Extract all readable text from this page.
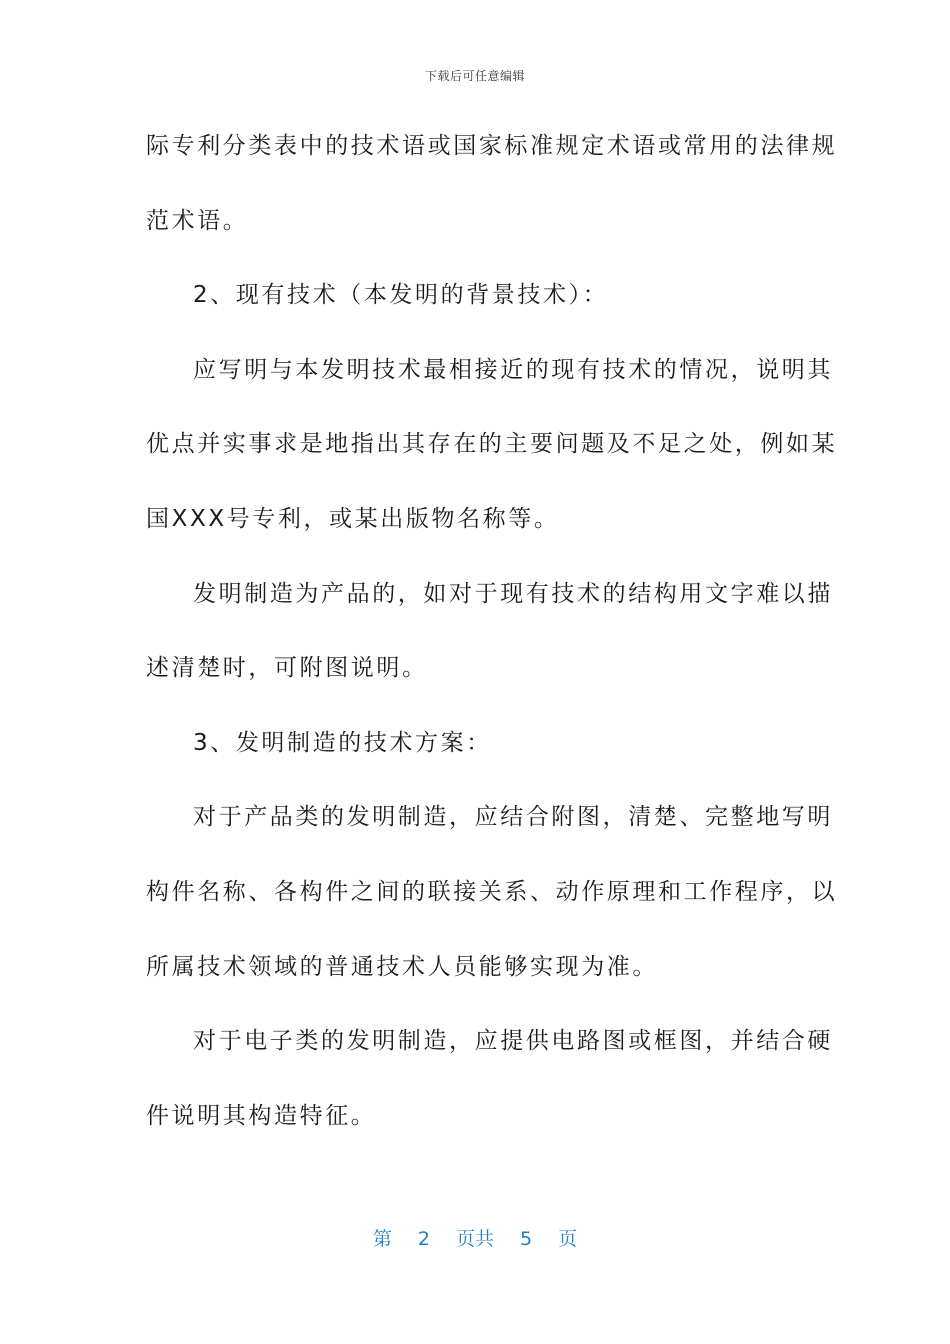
下载后可任意编辑
际专利分类表中的技术语或国家标准规定术语或常用的法律规
范术语。
2、现有技术（本发明的背景技术）：
应写明与本发明技术最相接近的现有技术的情况，说明其
优点并实事求是地指出其存在的主要问题及不足之处，例如某
国XXX号专利，或某出版物名称等。
发明制造为产品的，如对于现有技术的结构用文字难以描
述清楚时，可附图说明。
3、发明制造的技术方案：
对于产品类的发明制造，应结合附图，清楚、完整地写明
构件名称、各构件之间的联接关系、动作原理和工作程序，以
所属技术领域的普通技术人员能够实现为准。
对于电子类的发明制造，应提供电路图或框图，并结合硬
件说明其构造特征。
第 2 页共 5 页
